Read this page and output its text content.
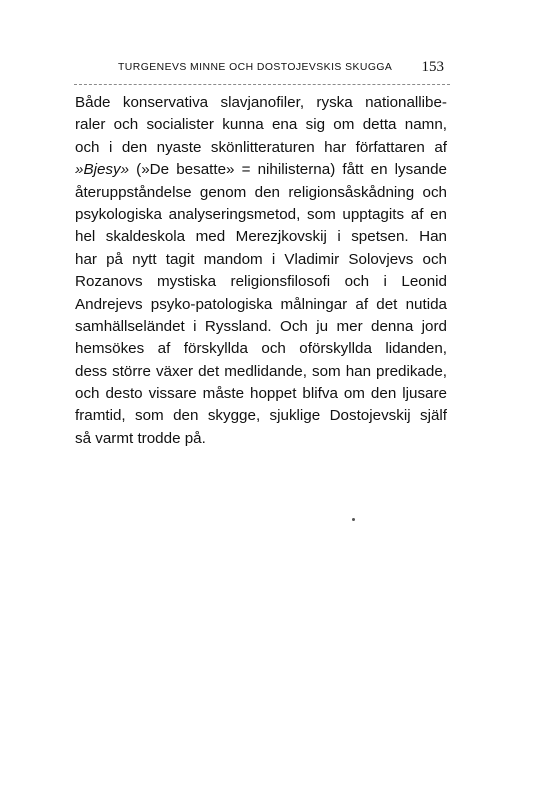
TURGENEVS MINNE OCH DOSTOJEVSKIS SKUGGA 153
Både konservativa slavjanofiler, ryska nationallibe-
raler och socialister kunna ena sig om detta namn,
och i den nyaste skönlitteraturen har författaren af
»Bjesy» (»De besatte» = nihilisterna) fått en lysande
återuppståndelse genom den religionsåskådning och
psykologiska analyseringsmetod, som upptagits af en
hel skaldeskola med Merezjkovskij i spetsen. Han
har på nytt tagit mandom i Vladimir Solovjevs och
Rozanovs mystiska religionsfilosofi och i Leonid
Andrejevs psyko-patologiska målningar af det nutida
samhällseländet i Ryssland. Och ju mer denna jord
hemsökes af förskyllda och oförskyllda lidanden,
dess större växer det medlidande, som han predikade,
och desto vissare måste hoppet blifva om den ljusare
framtid, som den skygge, sjuklige Dostojevskij själf
så varmt trodde på.
